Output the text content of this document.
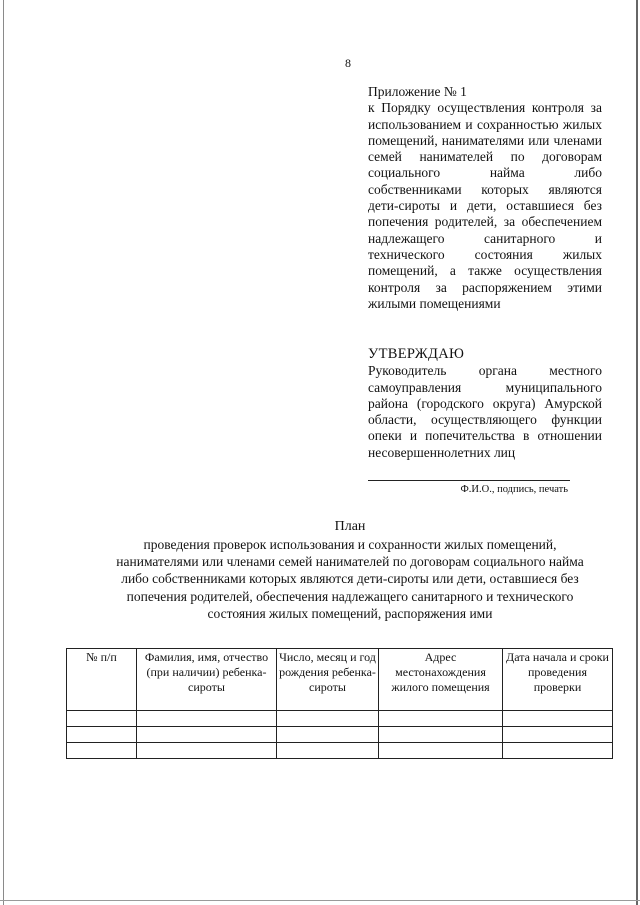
8
Приложение № 1
к Порядку осуществления контроля за использованием и сохранностью жилых помещений, нанимателями или членами семей нанимателей по договорам социального найма либо собственниками которых являются дети-сироты и дети, оставшиеся без попечения родителей, за обеспечением надлежащего санитарного и технического состояния жилых помещений, а также осуществления контроля за распоряжением этими жилыми помещениями
УТВЕРЖДАЮ
Руководитель органа местного самоуправления муниципального района (городского округа) Амурской области, осуществляющего функции опеки и попечительства в отношении несовершеннолетних лиц
Ф.И.О., подпись, печать
План
проведения проверок использования и сохранности жилых помещений, нанимателями или членами семей нанимателей по договорам социального найма либо собственниками которых являются дети-сироты или дети, оставшиеся без попечения родителей, обеспечения надлежащего санитарного и технического состояния жилых помещений, распоряжения ими
№ п/п	Фамилия, имя, отчество (при наличии) ребенка-сироты	Число, месяц и год рождения ребенка-сироты	Адрес местонахождения жилого помещения	Дата начала и сроки проведения проверки
